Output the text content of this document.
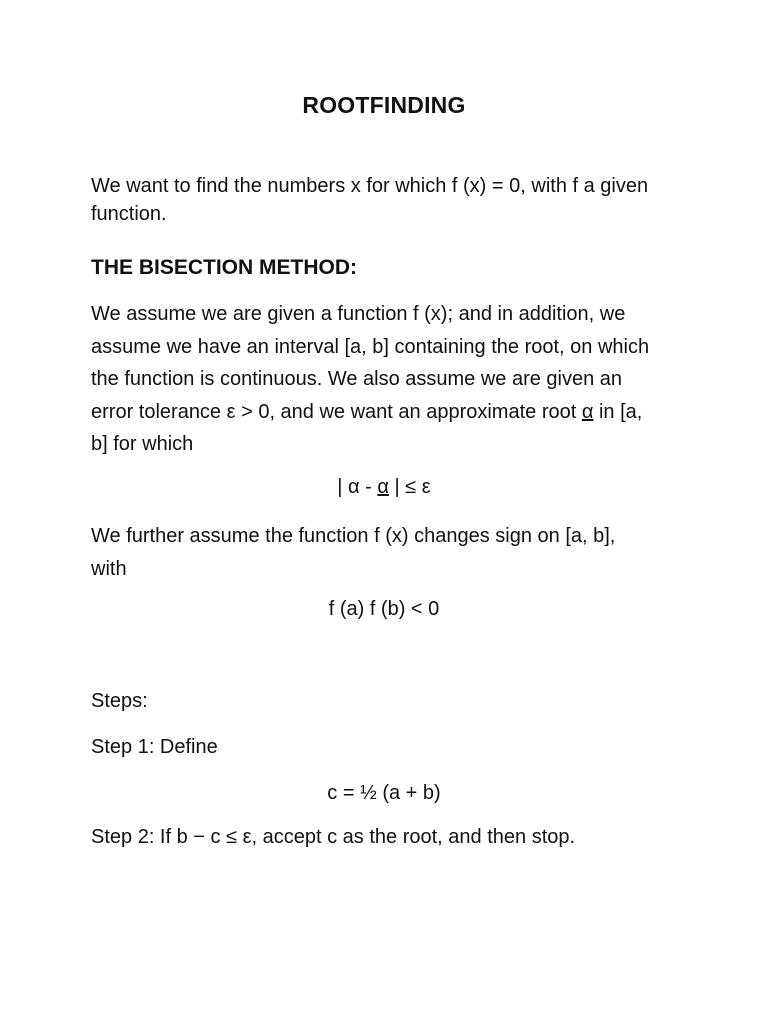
ROOTFINDING
We want to find the numbers x for which f (x) = 0, with f a given
function.
THE BISECTION METHOD:
We assume we are given a function f (x); and in addition, we
assume we have an interval [a, b] containing the root, on which
the function is continuous. We also assume we are given an
error tolerance ε > 0, and we want an approximate root α in [a,
b] for which
| α - α | ≤ ε
We further assume the function f (x) changes sign on [a, b],
with
f (a) f (b) < 0
Steps:
Step 1: Define
c = ½ (a + b)
Step 2: If b − c ≤ ε, accept c as the root, and then stop.
